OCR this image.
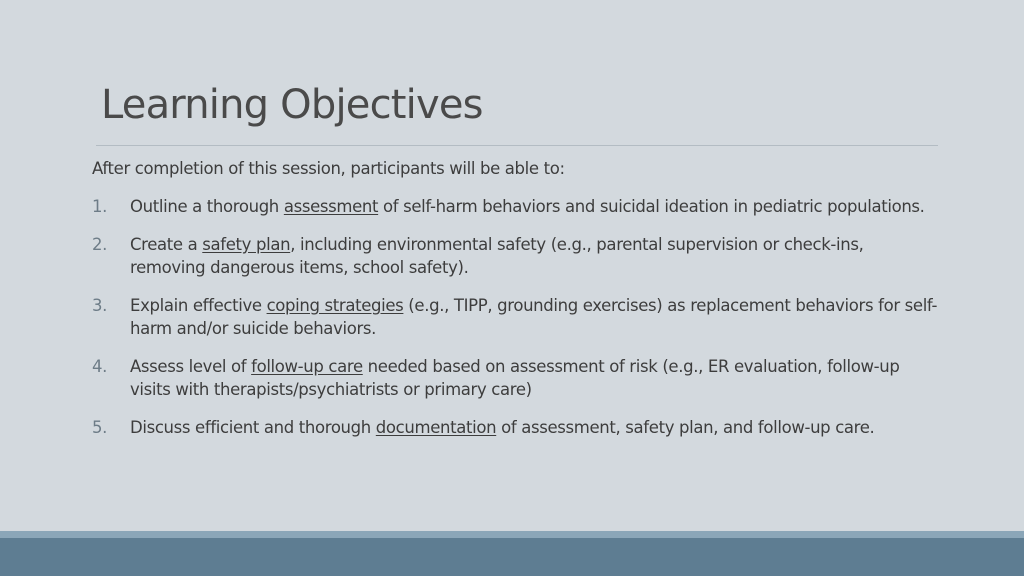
Learning Objectives

After completion of this session, participants will be able to:

1. Outline a thorough assessment of self-harm behaviors and suicidal ideation in pediatric populations.
2. Create a safety plan, including environmental safety (e.g., parental supervision or check-ins, removing dangerous items, school safety).
3. Explain effective coping strategies (e.g., TIPP, grounding exercises) as replacement behaviors for self-harm and/or suicide behaviors.
4. Assess level of follow-up care needed based on assessment of risk (e.g., ER evaluation, follow-up visits with therapists/psychiatrists or primary care)
5. Discuss efficient and thorough documentation of assessment, safety plan, and follow-up care.
